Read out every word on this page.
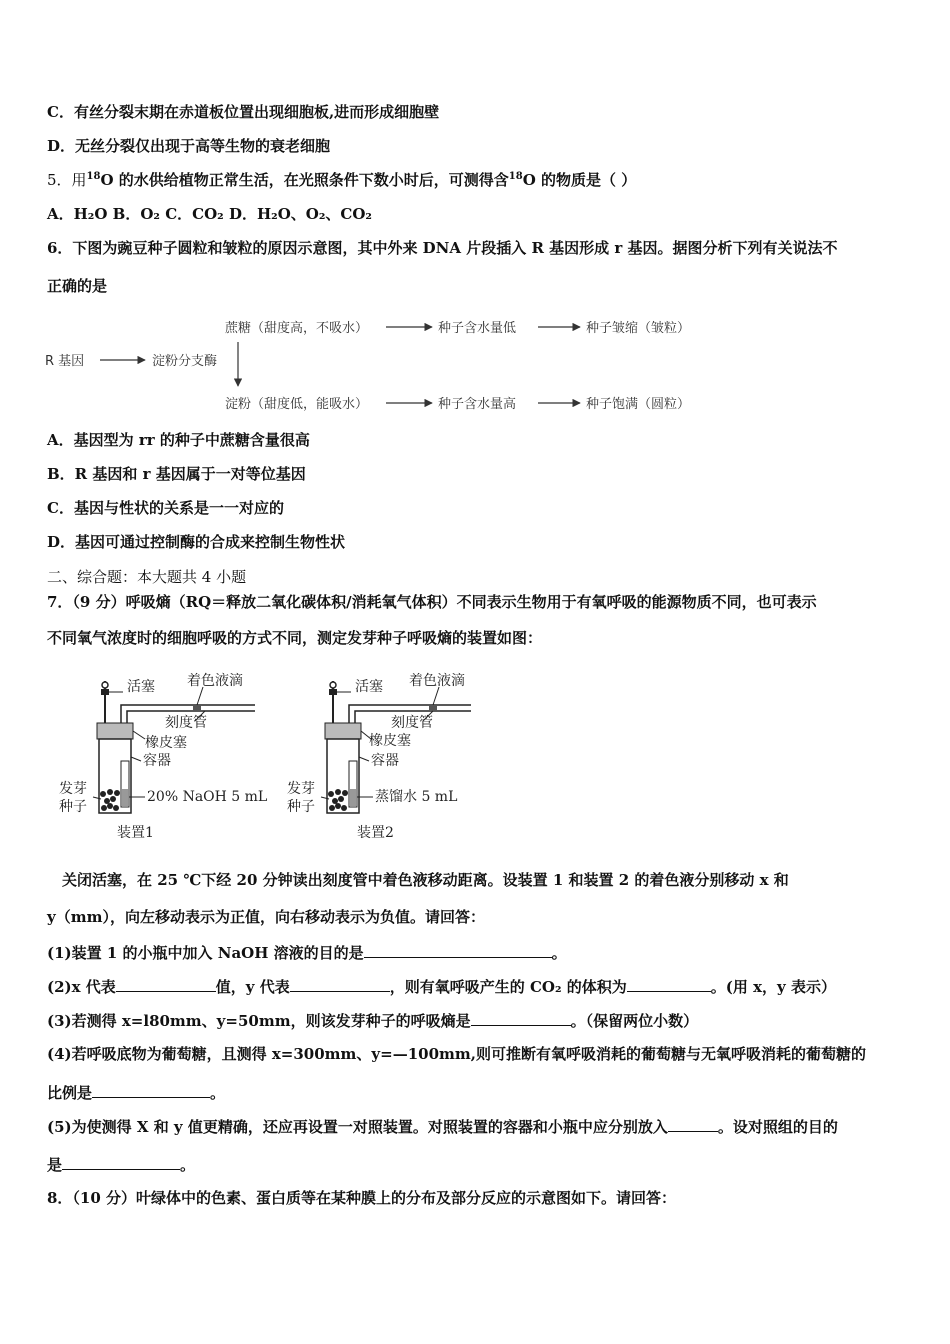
C．有丝分裂末期在赤道板位置出现细胞板,进而形成细胞壁
D．无丝分裂仅出现于高等生物的衰老细胞
5．用$^{18}$O 的水供给植物正常生活，在光照条件下数小时后，可测得含$^{18}$O 的物质是（ ）
A．H₂O B．O₂ C．CO₂ D．H₂O、O₂、CO₂
6．下图为豌豆种子圆粒和皱粒的原因示意图，其中外来 DNA 片段插入 R 基因形成 r 基因。据图分析下列有关说法不
正确的是
R 基因	淀粉分支酶
蔗糖（甜度高，不吸水）	种子含水量低	种子皱缩（皱粒）
淀粉（甜度低，能吸水）	种子含水量高	种子饱满（圆粒）
A．基因型为 rr 的种子中蔗糖含量很高
B．R 基因和 r 基因属于一对等位基因
C．基因与性状的关系是一一对应的
D．基因可通过控制酶的合成来控制生物性状
二、综合题：本大题共 4 小题
7．（9 分）呼吸熵（RQ＝释放二氧化碳体积/消耗氧气体积）不同表示生物用于有氧呼吸的能源物质不同，也可表示
不同氧气浓度时的细胞呼吸的方式不同，测定发芽种子呼吸熵的装置如图：
活塞 着色液滴
刻度管
橡皮塞
容器
20% NaOH 5 mL
发芽
种子
装置1
活塞 着色液滴
刻度管
橡皮塞
容器
蒸馏水 5 mL
发芽
种子
装置2
关闭活塞，在 25 ℃下经 20 分钟读出刻度管中着色液移动距离。设装置 1 和装置 2 的着色液分别移动 x 和
y（mm），向左移动表示为正值，向右移动表示为负值。请回答：
(1)装置 1 的小瓶中加入 NaOH 溶液的目的是	。
(2)x 代表	值，y 代表	，则有氧呼吸产生的 CO₂ 的体积为	。(用 x，y 表示）
(3)若测得 x=l80mm、y=50mm，则该发芽种子的呼吸熵是	。（保留两位小数）
(4)若呼吸底物为葡萄糖，且测得 x=300mm、y=—100mm,则可推断有氧呼吸消耗的葡萄糖与无氧呼吸消耗的葡萄糖的
比例是	。
(5)为使测得 X 和 y 值更精确，还应再设置一对照装置。对照装置的容器和小瓶中应分别放入	。设对照组的目的
是	。
8．（10 分）叶绿体中的色素、蛋白质等在某种膜上的分布及部分反应的示意图如下。请回答：
